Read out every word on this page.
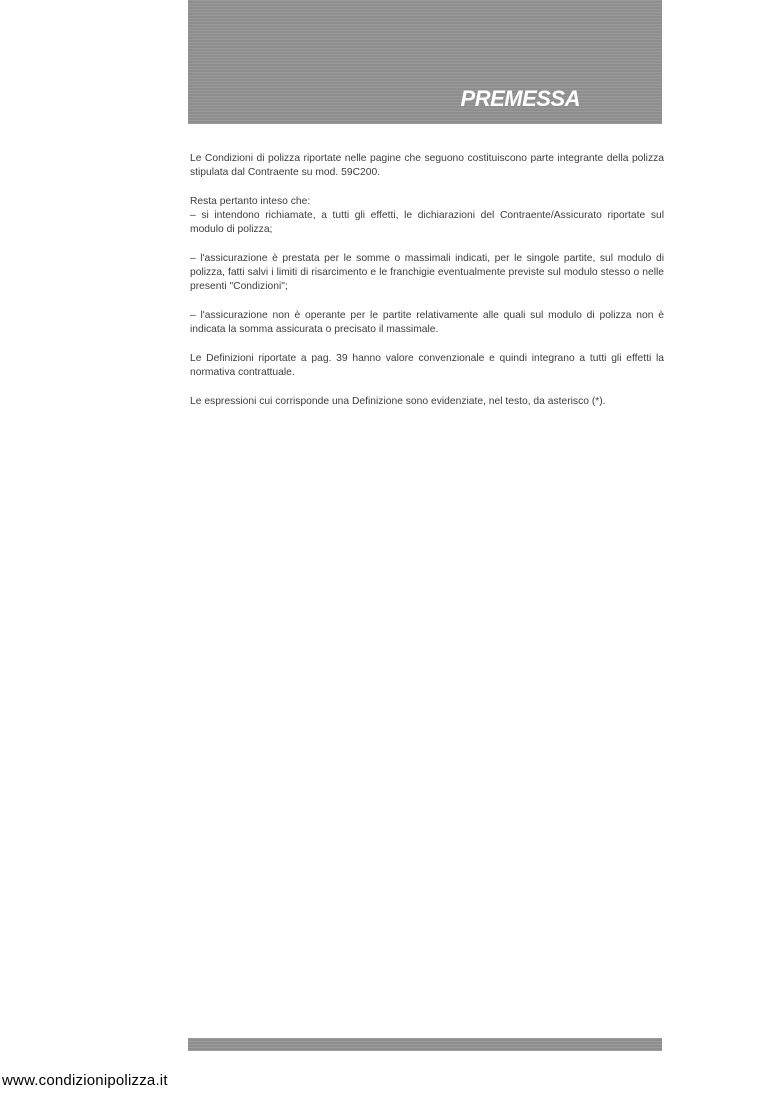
PREMESSA

Le Condizioni di polizza riportate nelle pagine che seguono costituiscono parte integrante della polizza stipulata dal Contraente su mod. 59C200.

Resta pertanto inteso che:

– si intendono richiamate, a tutti gli effetti, le dichiarazioni del Contraente/Assicurato riportate sul modulo di polizza;

– l'assicurazione è prestata per le somme o massimali indicati, per le singole partite, sul modulo di polizza, fatti salvi i limiti di risarcimento e le franchigie eventualmente previste sul modulo stesso o nelle presenti "Condizioni";

– l'assicurazione non è operante per le partite relativamente alle quali sul modulo di polizza non è indicata la somma assicurata o precisato il massimale.

Le Definizioni riportate a pag. 39 hanno valore convenzionale e quindi integrano a tutti gli effetti la normativa contrattuale.

Le espressioni cui corrisponde una Definizione sono evidenziate, nel testo, da asterisco (*).

www.condizionipolizza.it
